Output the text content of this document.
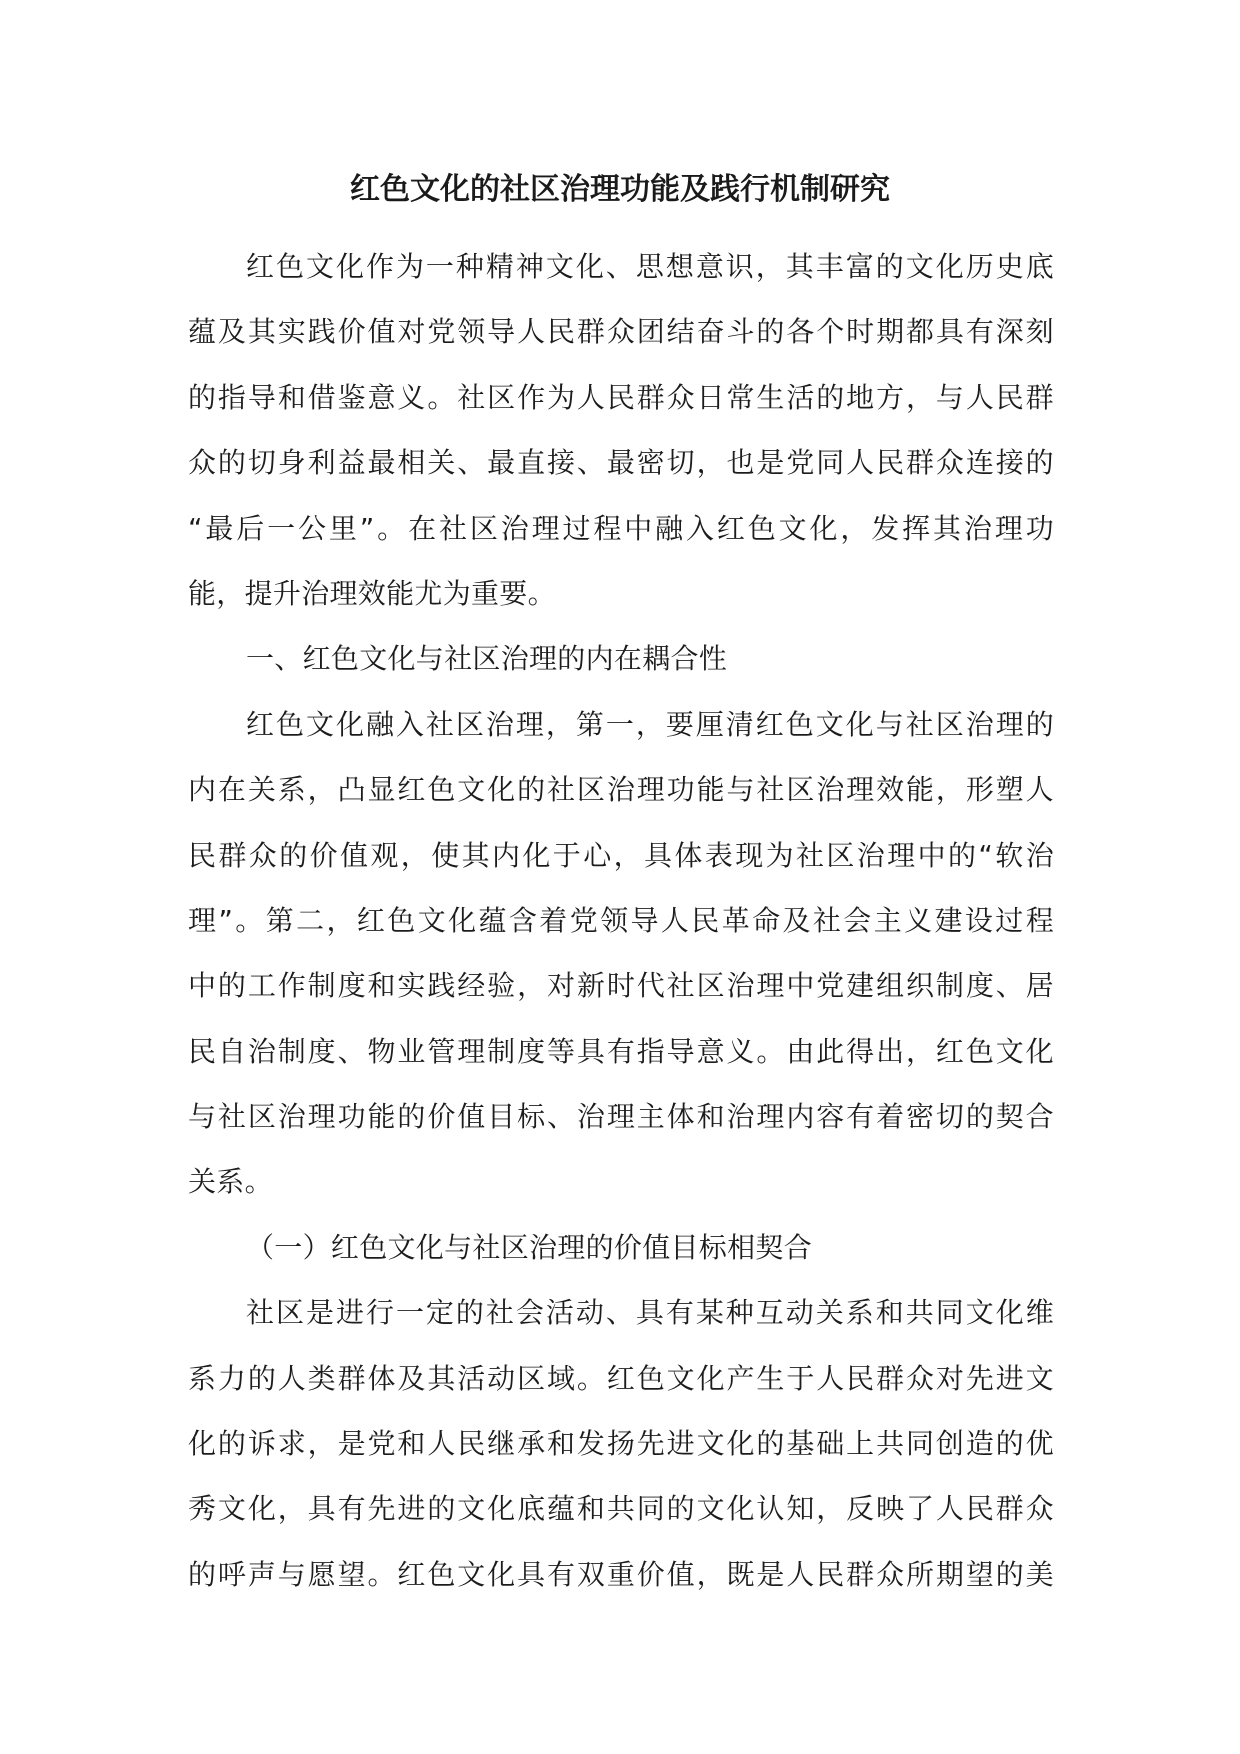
红色文化的社区治理功能及践行机制研究
红色文化作为一种精神文化、思想意识，其丰富的文化历史底
蕴及其实践价值对党领导人民群众团结奋斗的各个时期都具有深刻
的指导和借鉴意义。社区作为人民群众日常生活的地方，与人民群
众的切身利益最相关、最直接、最密切，也是党同人民群众连接的
“最后一公里”。在社区治理过程中融入红色文化，发挥其治理功
能，提升治理效能尤为重要。
一、红色文化与社区治理的内在耦合性
红色文化融入社区治理，第一，要厘清红色文化与社区治理的
内在关系，凸显红色文化的社区治理功能与社区治理效能，形塑人
民群众的价值观，使其内化于心，具体表现为社区治理中的“软治
理”。第二，红色文化蕴含着党领导人民革命及社会主义建设过程
中的工作制度和实践经验，对新时代社区治理中党建组织制度、居
民自治制度、物业管理制度等具有指导意义。由此得出，红色文化
与社区治理功能的价值目标、治理主体和治理内容有着密切的契合
关系。
（一）红色文化与社区治理的价值目标相契合
社区是进行一定的社会活动、具有某种互动关系和共同文化维
系力的人类群体及其活动区域。红色文化产生于人民群众对先进文
化的诉求，是党和人民继承和发扬先进文化的基础上共同创造的优
秀文化，具有先进的文化底蕴和共同的文化认知，反映了人民群众
的呼声与愿望。红色文化具有双重价值，既是人民群众所期望的美
